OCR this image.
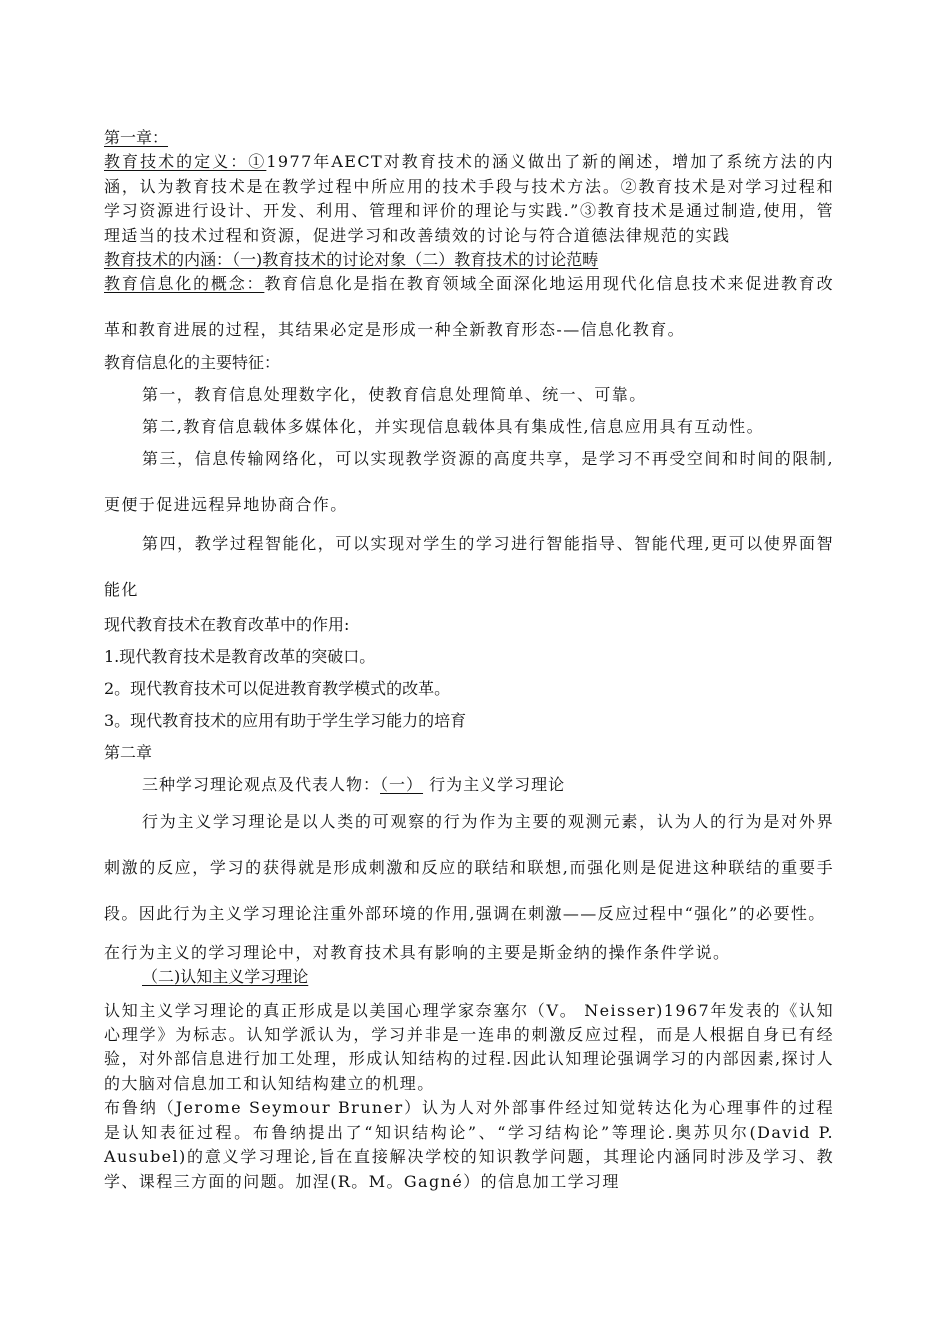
第一章：

教育技术的定义：①1977年AECT对教育技术的涵义做出了新的阐述，增加了系统方法的内涵，认为教育技术是在教学过程中所应用的技术手段与技术方法。②教育技术是对学习过程和学习资源进行设计、开发、利用、管理和评价的理论与实践.”③教育技术是通过制造,使用，管理适当的技术过程和资源，促进学习和改善绩效的讨论与符合道德法律规范的实践

教育技术的内涵：（一)教育技术的讨论对象（二）教育技术的讨论范畴

教育信息化的概念：教育信息化是指在教育领域全面深化地运用现代化信息技术来促进教育改革和教育进展的过程，其结果必定是形成一种全新教育形态-—信息化教育。

教育信息化的主要特征：

第一，教育信息处理数字化，使教育信息处理简单、统一、可靠。

第二,教育信息载体多媒体化，并实现信息载体具有集成性,信息应用具有互动性。

第三，信息传输网络化，可以实现教学资源的高度共享，是学习不再受空间和时间的限制,更便于促进远程异地协商合作。

第四，教学过程智能化，可以实现对学生的学习进行智能指导、智能代理,更可以使界面智能化

现代教育技术在教育改革中的作用:

1.现代教育技术是教育改革的突破口。

2。现代教育技术可以促进教育教学模式的改革。

3。现代教育技术的应用有助于学生学习能力的培育

第二章

三种学习理论观点及代表人物：（一） 行为主义学习理论

行为主义学习理论是以人类的可观察的行为作为主要的观测元素，认为人的行为是对外界刺激的反应，学习的获得就是形成刺激和反应的联结和联想,而强化则是促进这种联结的重要手段。因此行为主义学习理论注重外部环境的作用,强调在刺激——反应过程中“强化”的必要性。

在行为主义的学习理论中，对教育技术具有影响的主要是斯金纳的操作条件学说。

（二)认知主义学习理论

认知主义学习理论的真正形成是以美国心理学家奈塞尔（V。 Neisser)1967年发表的《认知心理学》为标志。认知学派认为，学习并非是一连串的刺激反应过程，而是人根据自身已有经验，对外部信息进行加工处理，形成认知结构的过程.因此认知理论强调学习的内部因素,探讨人的大脑对信息加工和认知结构建立的机理。

布鲁纳（Jerome Seymour Bruner）认为人对外部事件经过知觉转达化为心理事件的过程是认知表征过程。布鲁纳提出了“知识结构论”、“学习结构论”等理论.奥苏贝尔(David P. Ausubel)的意义学习理论,旨在直接解决学校的知识教学问题，其理论内涵同时涉及学习、教学、课程三方面的问题。加涅(R。M。Gagné）的信息加工学习理
